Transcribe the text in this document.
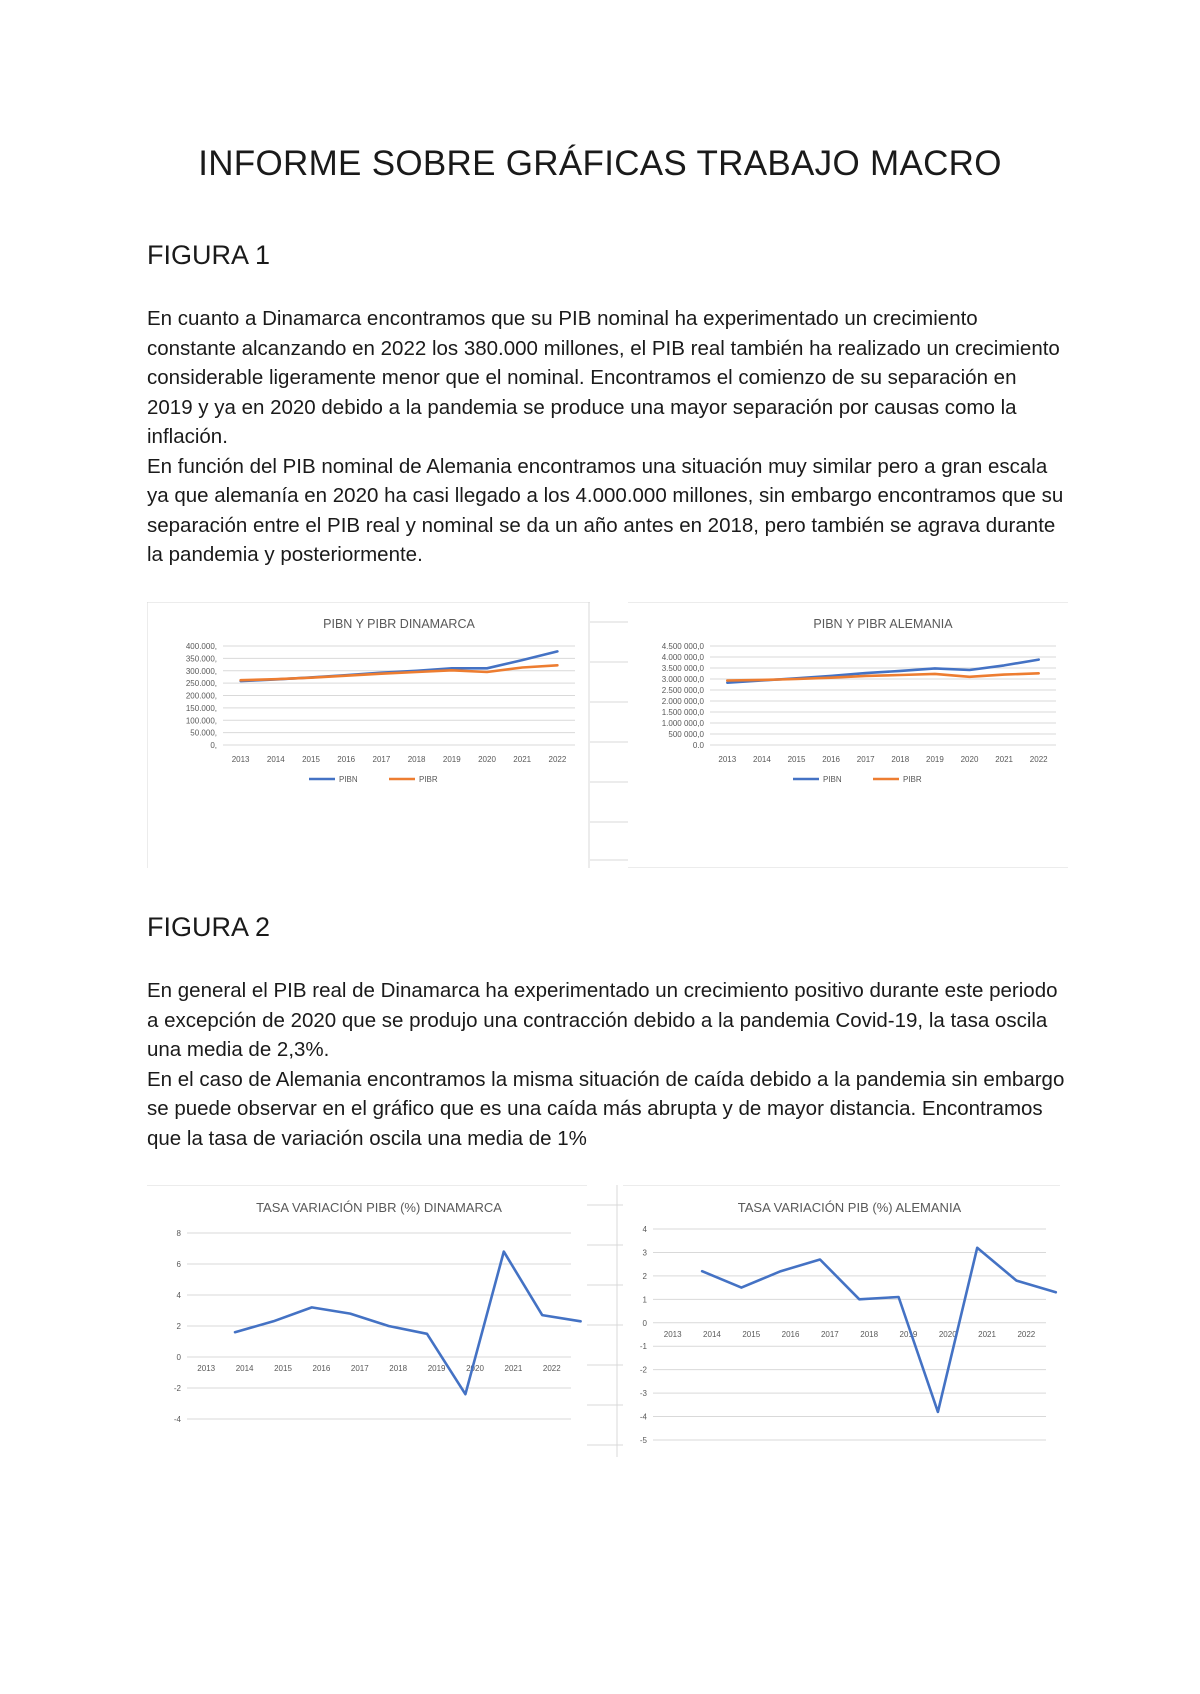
INFORME SOBRE GRÁFICAS TRABAJO MACRO
FIGURA 1

En cuanto a Dinamarca encontramos que su PIB nominal ha experimentado un crecimiento constante alcanzando en 2022 los 380.000 millones, el PIB real también ha realizado un crecimiento considerable ligeramente menor que el nominal. Encontramos el comienzo de su separación en 2019 y ya en 2020 debido a la pandemia se produce una mayor separación por causas como la inflación.

En función del PIB nominal de Alemania encontramos una situación muy similar pero a gran escala ya que alemanía en 2020 ha casi llegado a los 4.000.000 millones, sin embargo encontramos que su separación entre el PIB real y nominal se da un año antes en 2018, pero también se agrava durante la pandemia y posteriormente.

PIBN Y PIBR DINAMARCA
0,
50.000,
100.000,
150.000,
200.000,
250.000,
300.000,
350.000,
400.000,
2013 2014 2015 2016 2017 2018 2019 2020 2021 2022
PIBN	PIBR
PIBN Y PIBR ALEMANIA
0.0
500 000,0
1.000 000,0
1.500 000,0
2.000 000,0
2.500 000,0
3.000 000,0
3.500 000,0
4.000 000,0
4.500 000,0
2013 2014 2015 2016 2017 2018 2019 2020 2021 2022
PIBN	PIBR
FIGURA 2

En general el PIB real de Dinamarca ha experimentado un crecimiento positivo durante este periodo a excepción de 2020 que se produjo una contracción debido a la pandemia Covid-19, la tasa oscila una media de 2,3%.

En el caso de Alemania encontramos la misma situación de caída debido a la pandemia sin embargo se puede observar en el gráfico que es una caída más abrupta y de mayor distancia. Encontramos que la tasa de variación oscila una media de 1%

TASA VARIACIÓN PIBR (%) DINAMARCA
-4
-2
0
2
4
6
8
2013	2014	2015	2016	2017	2018	2019	2020	2021	2022
TASA VARIACIÓN PIB (%) ALEMANIA
-5
-4
-3
-2
-1
0
1
2
3
4
2013	2014	2015	2016	2017	2018	2019	2020	2021	2022
